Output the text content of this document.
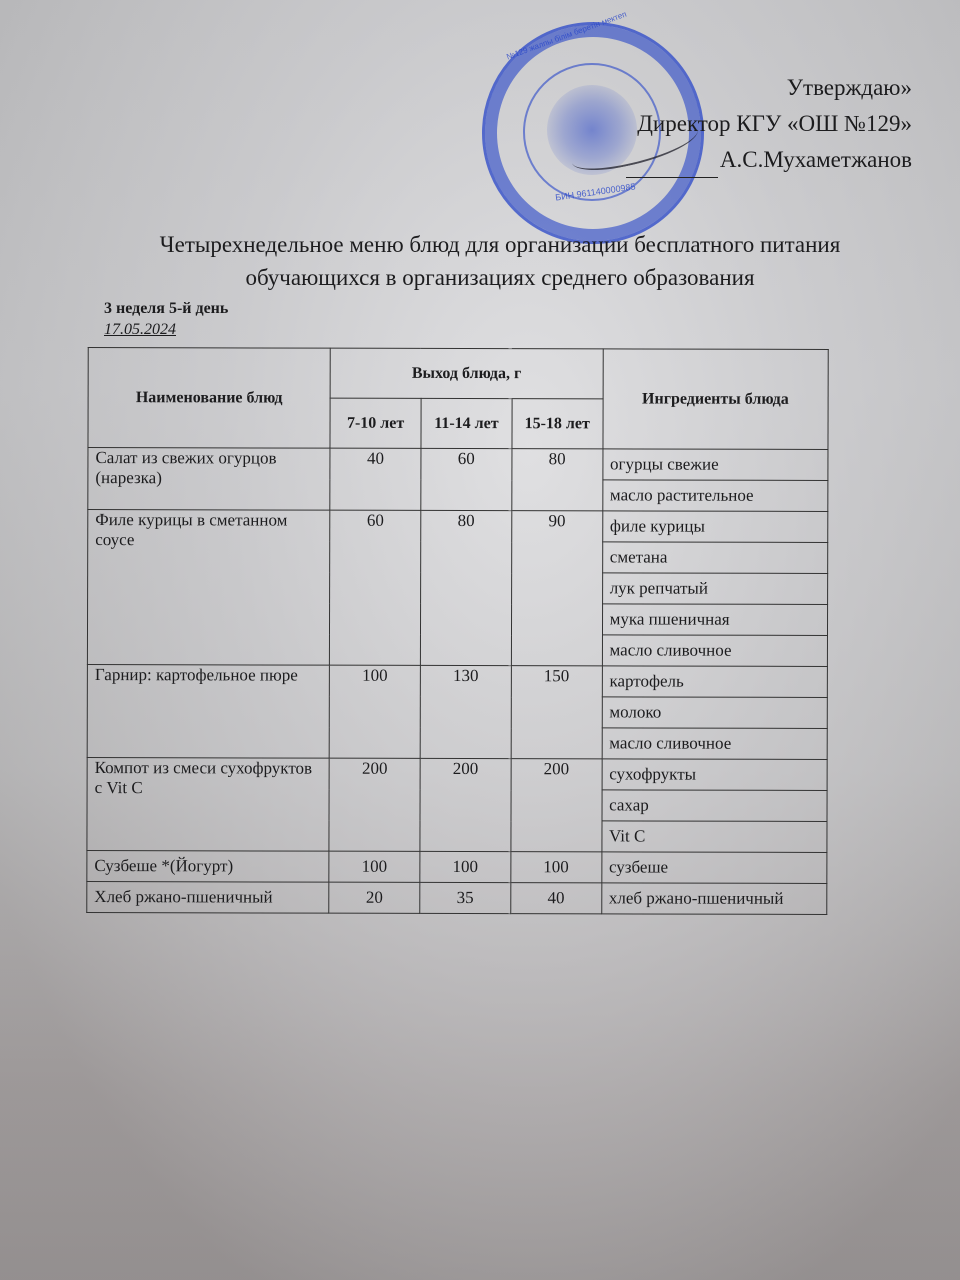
№129 жалпы білім беретін мектеп
БИН 961140000985
Утверждаю»
Директор КГУ «ОШ №129»
А.С.Мухаметжанов
Четырехнедельное меню блюд для организации бесплатного питания
обучающихся в организациях среднего образования
3 неделя 5-й день
17.05.2024
Наименование блюд	Выход блюда, г			Ингредиенты блюда
	7-10 лет	11-14 лет	15-18 лет	
Салат из свежих огурцов (нарезка)	40	60	80	огурцы свежие
				масло растительное
Филе курицы в сметанном соусе	60	80	90	филе курицы
				сметана
				лук репчатый
				мука пшеничная
				масло сливочное
Гарнир: картофельное пюре	100	130	150	картофель
				молоко
				масло сливочное
Компот из смеси сухофруктов с Vit C	200	200	200	сухофрукты
				сахар
				Vit C
Сузбеше *(Йогурт)	100	100	100	сузбеше
Хлеб ржано-пшеничный	20	35	40	хлеб ржано-пшеничный
